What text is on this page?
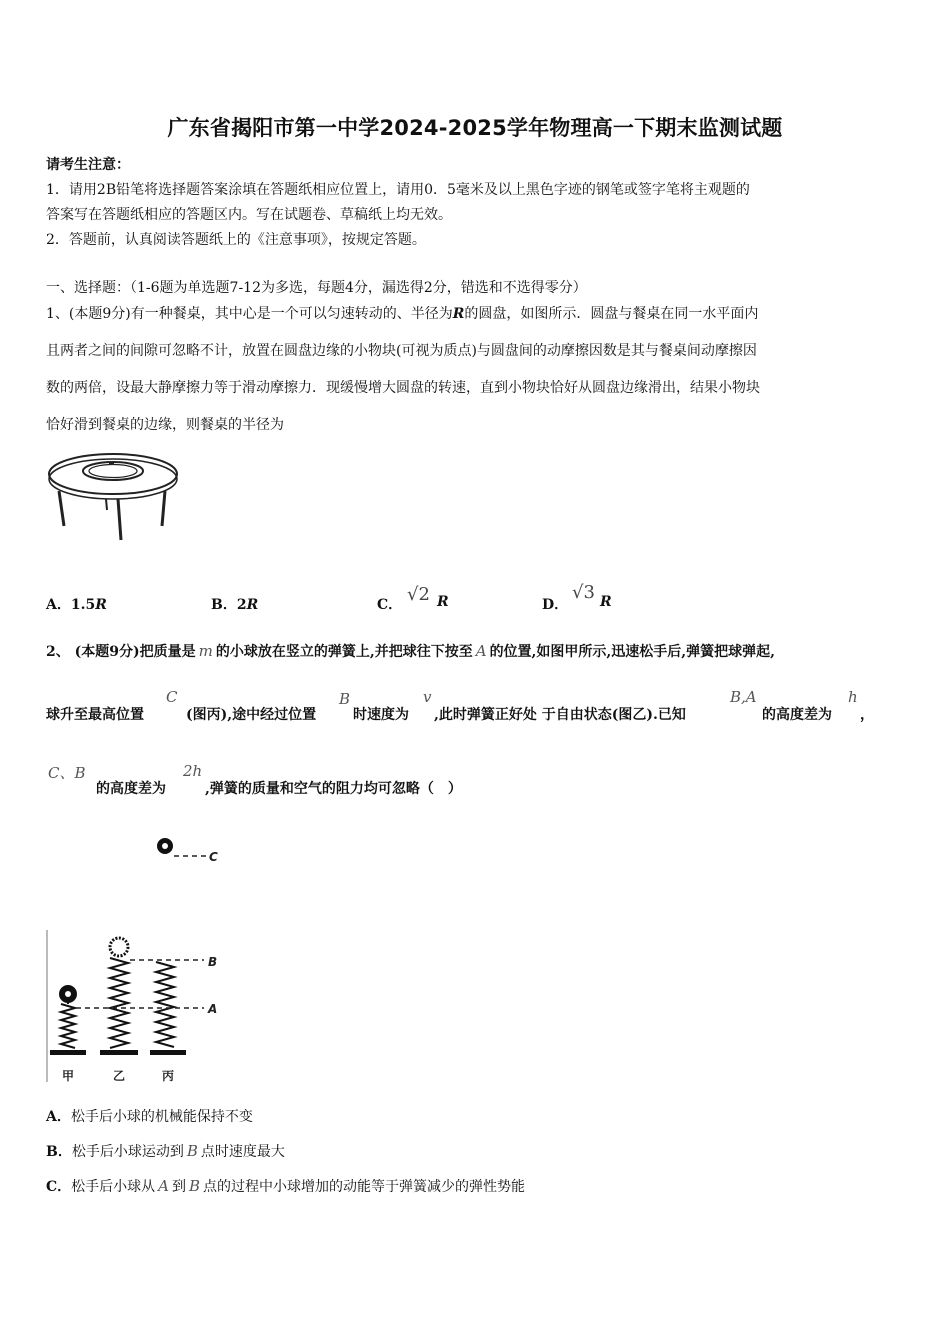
广东省揭阳市第一中学2024-2025学年物理高一下期末监测试题
请考生注意：
1．请用2B铅笔将选择题答案涂填在答题纸相应位置上，请用0．5毫米及以上黑色字迹的钢笔或签字笔将主观题的
答案写在答题纸相应的答题区内。写在试题卷、草稿纸上均无效。
2．答题前，认真阅读答题纸上的《注意事项》，按规定答题。
一、选择题：（1-6题为单选题7-12为多选，每题4分，漏选得2分，错选和不选得零分）
1、(本题9分)有一种餐桌，其中心是一个可以匀速转动的、半径为R的圆盘，如图所示．圆盘与餐桌在同一水平面内
且两者之间的间隙可忽略不计，放置在圆盘边缘的小物块(可视为质点)与圆盘间的动摩擦因数是其与餐桌间动摩擦因
数的两倍，设最大静摩擦力等于滑动摩擦力．现缓慢增大圆盘的转速，直到小物块恰好从圆盘边缘滑出，结果小物块
恰好滑到餐桌的边缘，则餐桌的半径为
A．1.5R	B．2R	C． √2 R	D．
√3 R
2、 (本题9分)把质量是 m 的小球放在竖立的弹簧上,并把球往下按至 A 的位置,如图甲所示,迅速松手后,弹簧把球弹起,
球升至最高位置
C
(图丙),途中经过位置
B
时速度为
v
,此时弹簧正好处 于自由状态(图乙).已知
B,A
的高度差为
h
，
C、B
的高度差为
2h
,弹簧的质量和空气的阻力均可忽略（　）
C
B
A
甲	乙	丙
A．松手后小球的机械能保持不变
B．松手后小球运动到 B 点时速度最大
C．松手后小球从 A 到 B 点的过程中小球增加的动能等于弹簧减少的弹性势能
